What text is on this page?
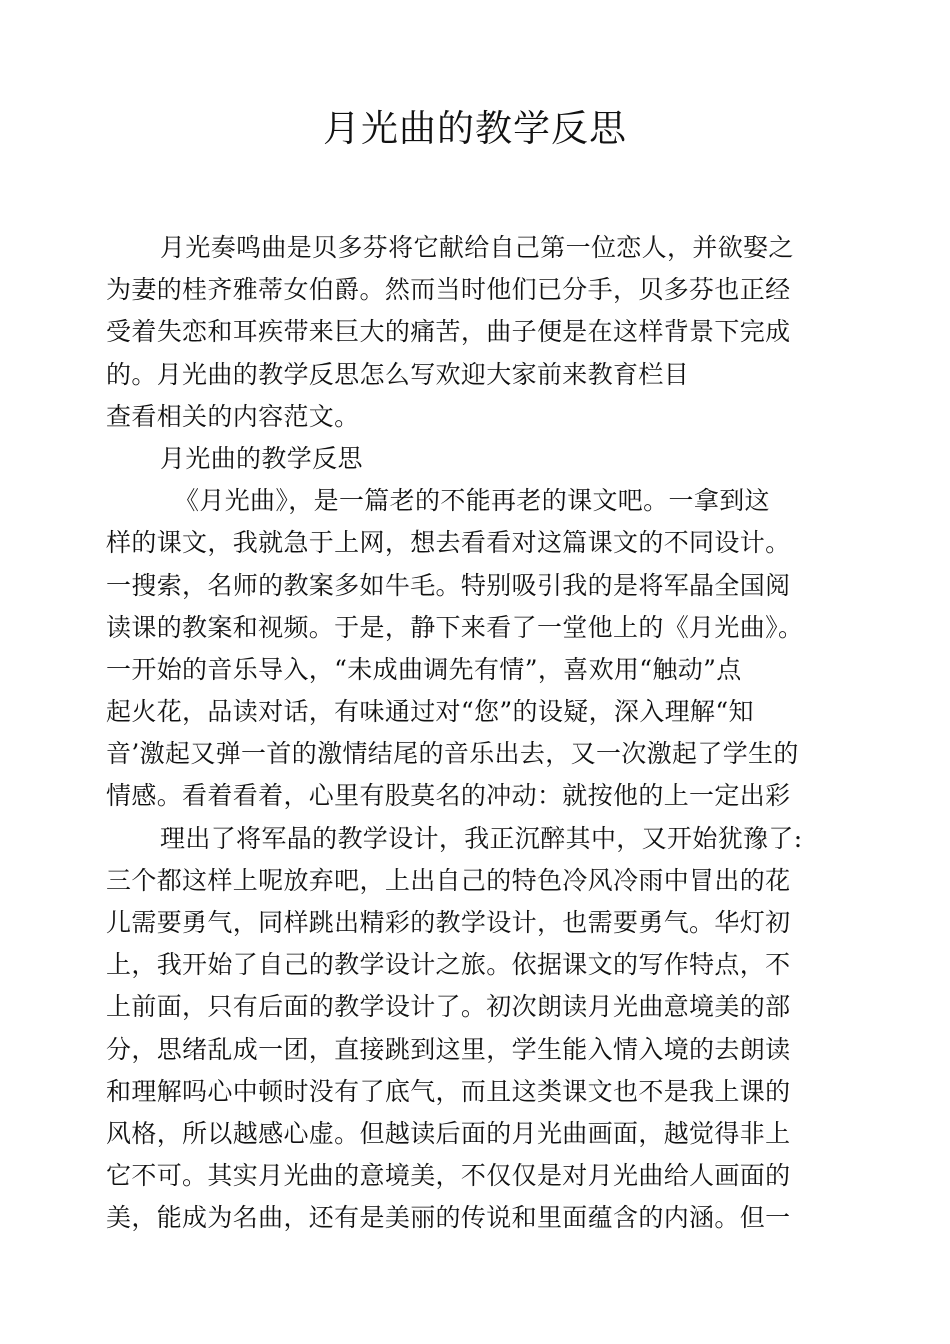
月光曲的教学反思
月光奏鸣曲是贝多芬将它献给自己第一位恋人，并欲娶之
为妻的桂齐雅蒂女伯爵。然而当时他们已分手，贝多芬也正经
受着失恋和耳疾带来巨大的痛苦，曲子便是在这样背景下完成
的。月光曲的教学反思怎么写欢迎大家前来教育栏目
查看相关的内容范文。
月光曲的教学反思
《月光曲》，是一篇老的不能再老的课文吧。一拿到这
样的课文，我就急于上网，想去看看对这篇课文的不同设计。
一搜索，名师的教案多如牛毛。特别吸引我的是将军晶全国阅
读课的教案和视频。于是，静下来看了一堂他上的《月光曲》。
一开始的音乐导入，“未成曲调先有情”，喜欢用“触动”点
起火花，品读对话，有味通过对“您”的设疑，深入理解“知
音’激起又弹一首的激情结尾的音乐出去，又一次激起了学生的
情感。看着看着，心里有股莫名的冲动：就按他的上一定出彩
理出了将军晶的教学设计，我正沉醉其中，又开始犹豫了:
三个都这样上呢放弃吧，上出自己的特色冷风冷雨中冒出的花
儿需要勇气，同样跳出精彩的教学设计，也需要勇气。华灯初
上，我开始了自己的教学设计之旅。依据课文的写作特点，不
上前面，只有后面的教学设计了。初次朗读月光曲意境美的部
分，思绪乱成一团，直接跳到这里，学生能入情入境的去朗读
和理解吗心中顿时没有了底气，而且这类课文也不是我上课的
风格，所以越感心虚。但越读后面的月光曲画面，越觉得非上
它不可。其实月光曲的意境美，不仅仅是对月光曲给人画面的
美，能成为名曲，还有是美丽的传说和里面蕴含的内涵。但一
